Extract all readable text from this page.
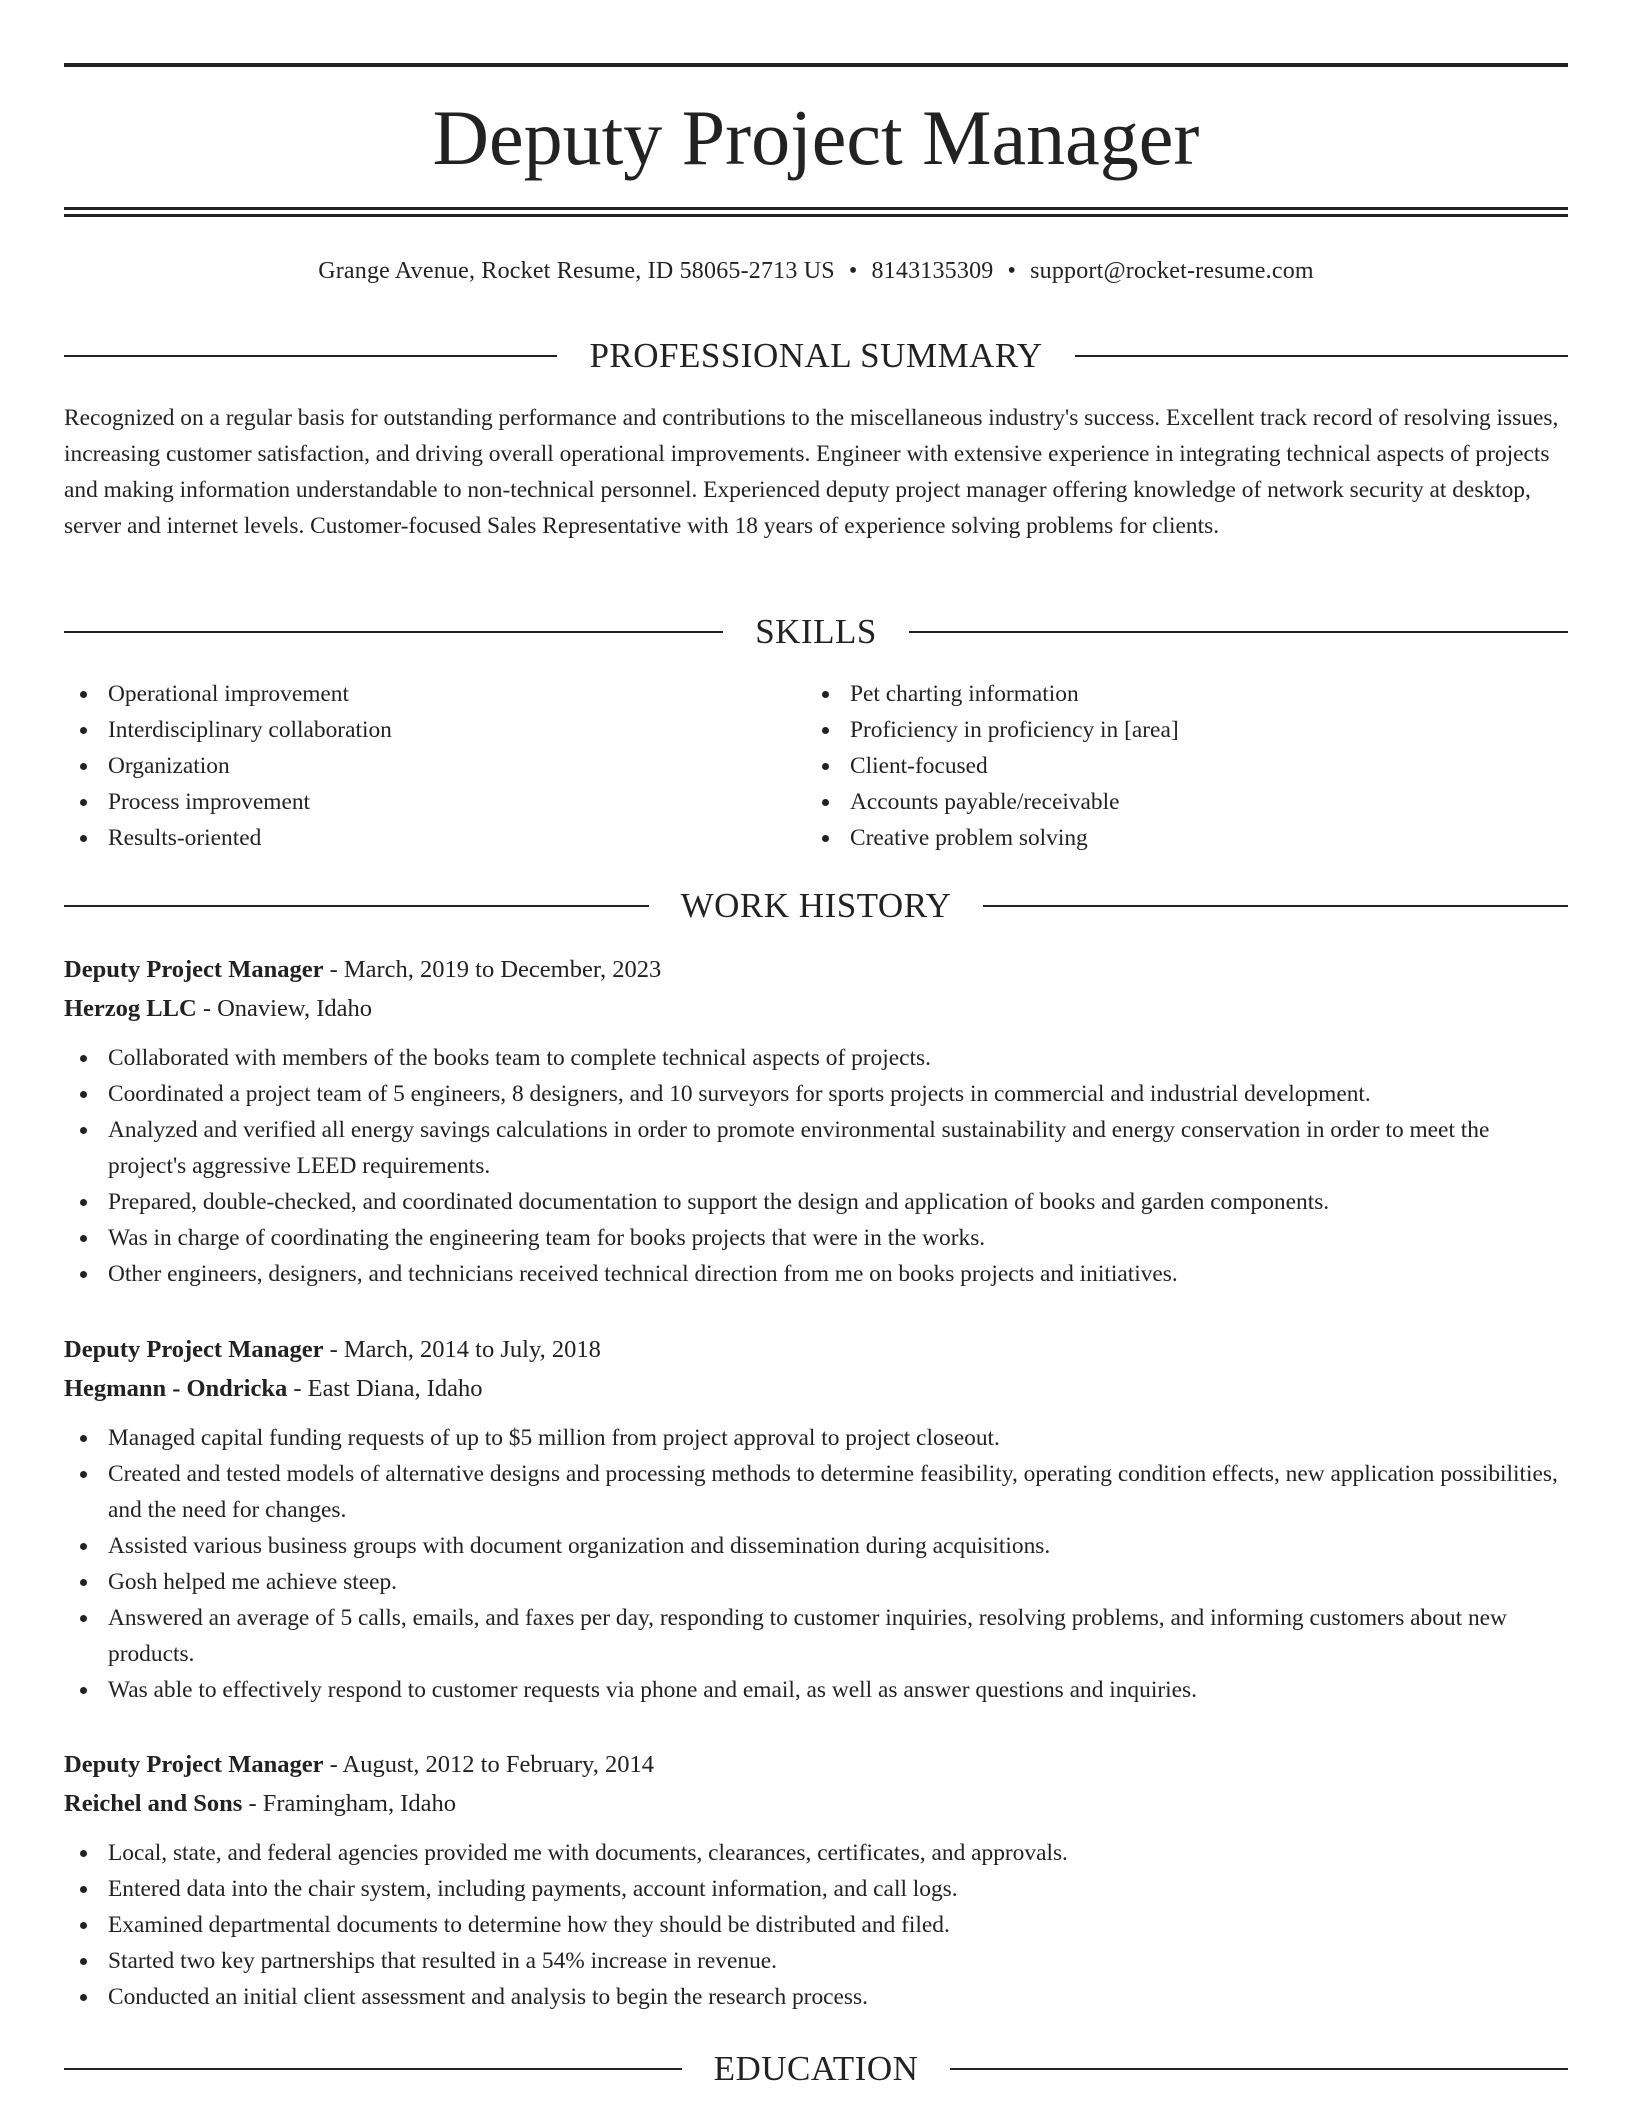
Deputy Project Manager
Grange Avenue, Rocket Resume, ID 58065-2713 US • 8143135309 • support@rocket-resume.com
PROFESSIONAL SUMMARY

Recognized on a regular basis for outstanding performance and contributions to the miscellaneous industry's success. Excellent track record of resolving issues, increasing customer satisfaction, and driving overall operational improvements. Engineer with extensive experience in integrating technical aspects of projects and making information understandable to non-technical personnel. Experienced deputy project manager offering knowledge of network security at desktop, server and internet levels. Customer-focused Sales Representative with 18 years of experience solving problems for clients.

SKILLS
Operational improvement
Interdisciplinary collaboration
Organization
Process improvement
Results-oriented
Pet charting information
Proficiency in proficiency in [area]
Client-focused
Accounts payable/receivable
Creative problem solving
WORK HISTORY
Deputy Project Manager - March, 2019 to December, 2023
Herzog LLC - Onaview, Idaho
Collaborated with members of the books team to complete technical aspects of projects.
Coordinated a project team of 5 engineers, 8 designers, and 10 surveyors for sports projects in commercial and industrial development.
Analyzed and verified all energy savings calculations in order to promote environmental sustainability and energy conservation in order to meet the project's aggressive LEED requirements.
Prepared, double-checked, and coordinated documentation to support the design and application of books and garden components.
Was in charge of coordinating the engineering team for books projects that were in the works.
Other engineers, designers, and technicians received technical direction from me on books projects and initiatives.
Deputy Project Manager - March, 2014 to July, 2018
Hegmann - Ondricka - East Diana, Idaho
Managed capital funding requests of up to $5 million from project approval to project closeout.
Created and tested models of alternative designs and processing methods to determine feasibility, operating condition effects, new application possibilities, and the need for changes.
Assisted various business groups with document organization and dissemination during acquisitions.
Gosh helped me achieve steep.
Answered an average of 5 calls, emails, and faxes per day, responding to customer inquiries, resolving problems, and informing customers about new products.
Was able to effectively respond to customer requests via phone and email, as well as answer questions and inquiries.
Deputy Project Manager - August, 2012 to February, 2014
Reichel and Sons - Framingham, Idaho
Local, state, and federal agencies provided me with documents, clearances, certificates, and approvals.
Entered data into the chair system, including payments, account information, and call logs.
Examined departmental documents to determine how they should be distributed and filed.
Started two key partnerships that resulted in a 54% increase in revenue.
Conducted an initial client assessment and analysis to begin the research process.
EDUCATION
